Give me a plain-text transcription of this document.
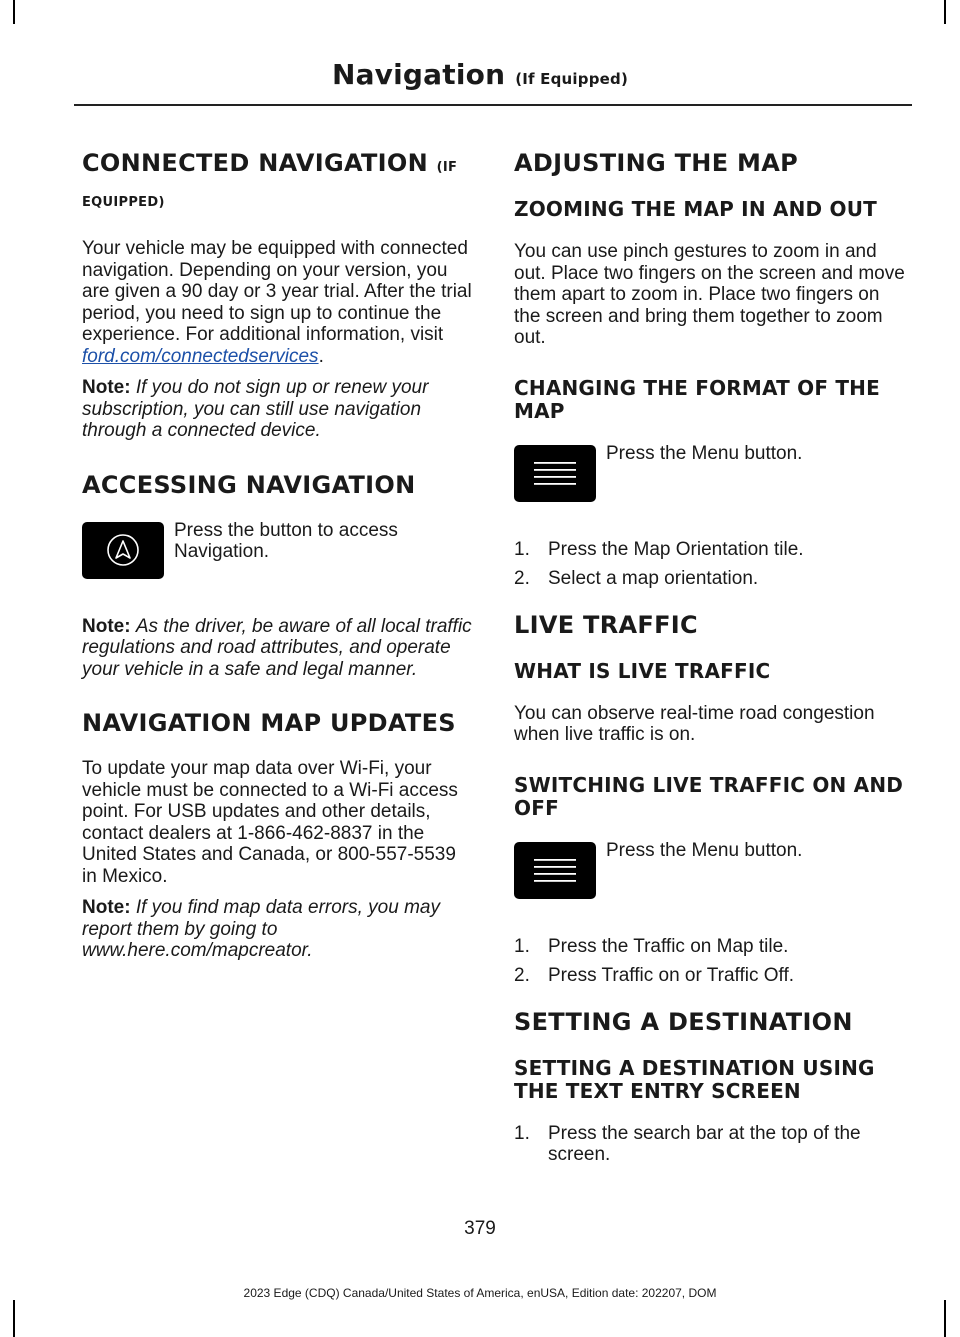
Navigation (If Equipped)
CONNECTED NAVIGATION (IF EQUIPPED)

Your vehicle may be equipped with connected navigation. Depending on your version, you are given a 90 day or 3 year trial. After the trial period, you need to sign up to continue the experience. For additional information, visit ford.com/connectedservices.

Note: If you do not sign up or renew your subscription, you can still use navigation through a connected device.

ACCESSING NAVIGATION

Press the button to access Navigation.

Note: As the driver, be aware of all local traffic regulations and road attributes, and operate your vehicle in a safe and legal manner.

NAVIGATION MAP UPDATES

To update your map data over Wi-Fi, your vehicle must be connected to a Wi-Fi access point. For USB updates and other details, contact dealers at 1-866-462-8837 in the United States and Canada, or 800-557-5539 in Mexico.

Note: If you find map data errors, you may report them by going to www.here.com/mapcreator.

ADJUSTING THE MAP
ZOOMING THE MAP IN AND OUT

You can use pinch gestures to zoom in and out. Place two fingers on the screen and move them apart to zoom in. Place two fingers on the screen and bring them together to zoom out.

CHANGING THE FORMAT OF THE MAP

Press the Menu button.

1. Press the Map Orientation tile.
2. Select a map orientation.
LIVE TRAFFIC
WHAT IS LIVE TRAFFIC

You can observe real-time road congestion when live traffic is on.

SWITCHING LIVE TRAFFIC ON AND OFF

Press the Menu button.

1. Press the Traffic on Map tile.
2. Press Traffic on or Traffic Off.
SETTING A DESTINATION
SETTING A DESTINATION USING THE TEXT ENTRY SCREEN
1. Press the search bar at the top of the screen.
379
2023 Edge (CDQ) Canada/United States of America, enUSA, Edition date: 202207, DOM
